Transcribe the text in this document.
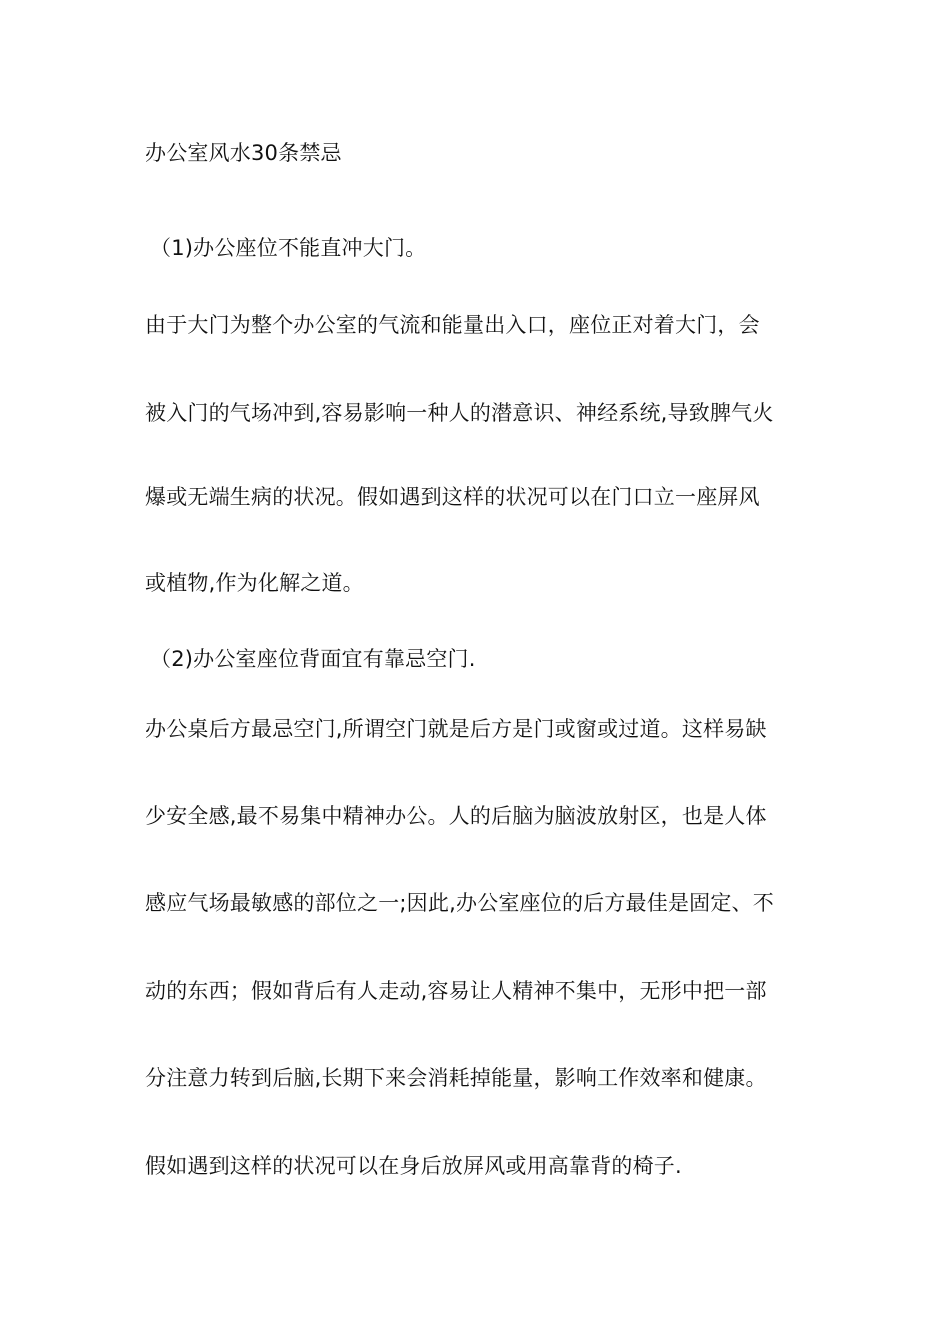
办公室风水30条禁忌
（1)办公座位不能直冲大门。
由于大门为整个办公室的气流和能量出入口，座位正对着大门，会
被入门的气场冲到,容易影响一种人的潜意识、神经系统,导致脾气火
爆或无端生病的状况。假如遇到这样的状况可以在门口立一座屏风
或植物,作为化解之道。
（2)办公室座位背面宜有靠忌空门.
办公桌后方最忌空门,所谓空门就是后方是门或窗或过道。这样易缺
少安全感,最不易集中精神办公。人的后脑为脑波放射区，也是人体
感应气场最敏感的部位之一;因此,办公室座位的后方最佳是固定、不
动的东西；假如背后有人走动,容易让人精神不集中，无形中把一部
分注意力转到后脑,长期下来会消耗掉能量，影响工作效率和健康。
假如遇到这样的状况可以在身后放屏风或用高靠背的椅子.
